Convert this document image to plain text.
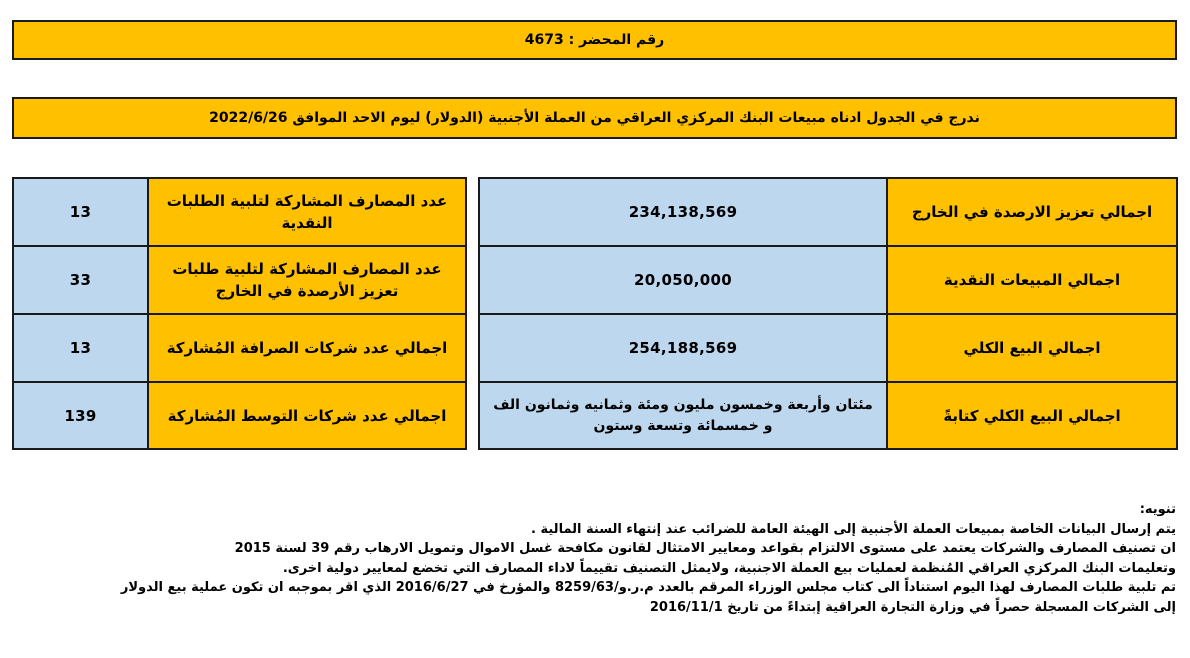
رقم المحضر : 4673
ندرج في الجدول ادناه مبيعات البنك المركزي العراقي من العملة الأجنبية (الدولار) ليوم الاحد الموافق 2022/6/26
اجمالي تعزيز الارصدة في الخارج
234,138,569
اجمالي المبيعات النقدية
20,050,000
اجمالي البيع الكلي
254,188,569
اجمالي البيع الكلي كتابةً
مئتان وأربعة وخمسون مليون ومئة وثمانيه وثمانون الف و خمسمائة وتسعة وستون
عدد المصارف المشاركة لتلبية الطلبات النقدية
13
عدد المصارف المشاركة لتلبية طلبات تعزيز الأرصدة في الخارج
33
اجمالي عدد شركات الصرافة المُشاركة
13
اجمالي عدد شركات التوسط المُشاركة
139

تنويه:

يتم إرسال البيانات الخاصة بمبيعات العملة الأجنبية إلى الهيئة العامة للضرائب عند إنتهاء السنة المالية .

ان تصنيف المصارف والشركات يعتمد على مستوى الالتزام بقواعد ومعايير الامتثال لقانون مكافحة غسل الاموال وتمويل الارهاب رقم 39 لسنة 2015

وتعليمات البنك المركزي العراقي المُنظمة لعمليات بيع العملة الاجنبية، ولايمثل التصنيف تقييماً لاداء المصارف التي تخضع لمعايير دولية اخرى.

تم تلبية طلبات المصارف لهذا اليوم استناداً الى كتاب مجلس الوزراء المرقم بالعدد م.ر.و/8259/63 والمؤرخ في 2016/6/27 الذي اقر بموجبه ان تكون عملية بيع الدولار

إلى الشركات المسجلة حصراً في وزارة التجارة العراقية إبتداءً من تاريخ 2016/11/1
